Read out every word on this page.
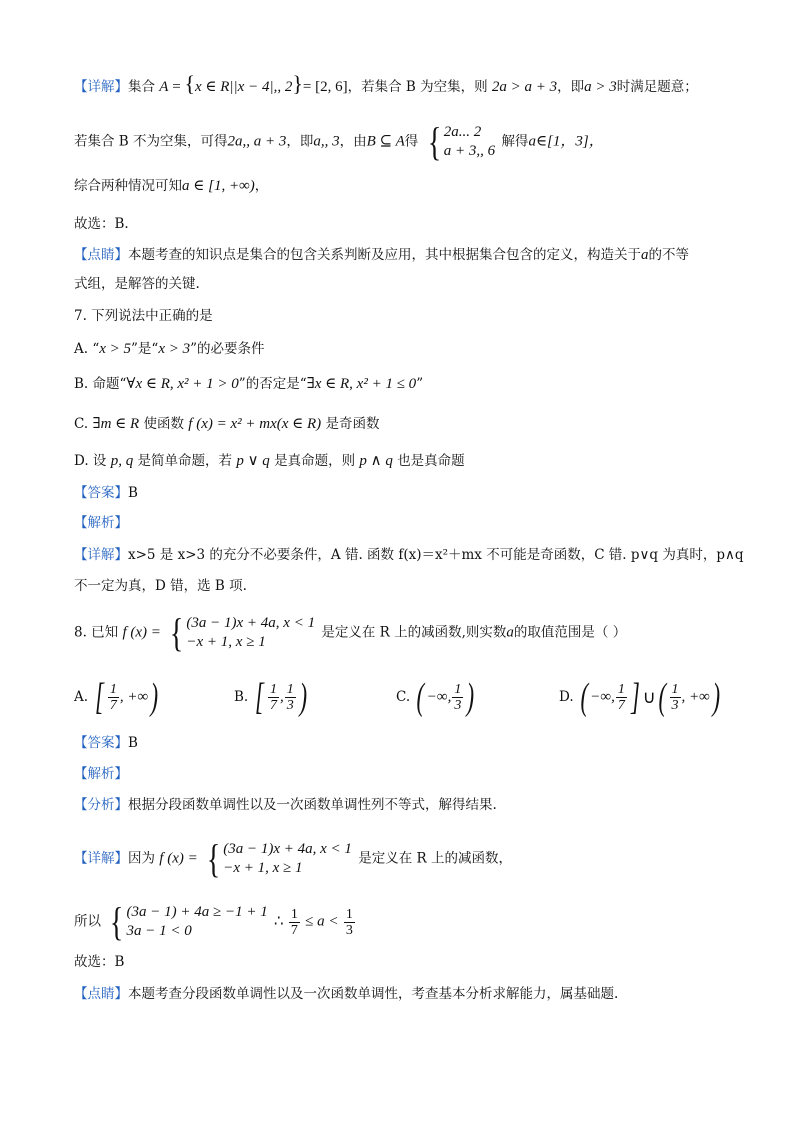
【详解】集合 A = {x ∈ R||x − 4|,, 2}= [2, 6]，若集合 B 为空集，则 2a > a + 3，即a > 3时满足题意；
若集合 B 不为空集，可得2a,, a + 3，即a,, 3，由B ⊆ A得 { 2a... 2
a + 3,, 6
解得a∈[1，3]，
综合两种情况可知a ∈ [1, +∞)，
故选：B.
【点睛】本题考查的知识点是集合的包含关系判断及应用，其中根据集合包含的定义，构造关于a的不等
式组，是解答的关键.
7. 下列说法中正确的是
A. “x > 5”是“x > 3”的必要条件
B. 命题“∀x ∈ R, x² + 1 > 0”的否定是“∃x ∈ R, x² + 1 ≤ 0”
C. ∃m ∈ R 使函数 f (x) = x² + mx(x ∈ R) 是奇函数
D. 设 p, q 是简单命题，若 p ∨ q 是真命题，则 p ∧ q 也是真命题
【答案】B
【解析】
【详解】x>5 是 x>3 的充分不必要条件，A 错. 函数 f(x)＝x²＋mx 不可能是奇函数，C 错. p∨q 为真时，p∧q
不一定为真，D 错，选 B 项.
8. 已知 f (x) = { (3a − 1)x + 4a, x < 1
−x + 1, x ≥ 1
是定义在 R 上的减函数,则实数a的取值范围是（ ）
A. [ $\frac{1}{7}$ , +∞ )	B. [ $\frac{1}{7}$ , $\frac{1}{3}$ )	C. ( −∞, $\frac{1}{3}$ )	D. ( −∞, $\frac{1}{7}$ ] ∪ ( $\frac{1}{3}$ , +∞ )
【答案】B
【解析】
【分析】根据分段函数单调性以及一次函数单调性列不等式，解得结果.
【详解】因为 f (x) = { (3a − 1)x + 4a, x < 1
−x + 1, x ≥ 1
是定义在 R 上的减函数，
所以 { (3a − 1) + 4a ≥ −1 + 1
3a − 1 < 0
∴ $\frac{1}{7} \le a < \frac{1}{3}$
故选：B
【点睛】本题考查分段函数单调性以及一次函数单调性，考查基本分析求解能力，属基础题.
